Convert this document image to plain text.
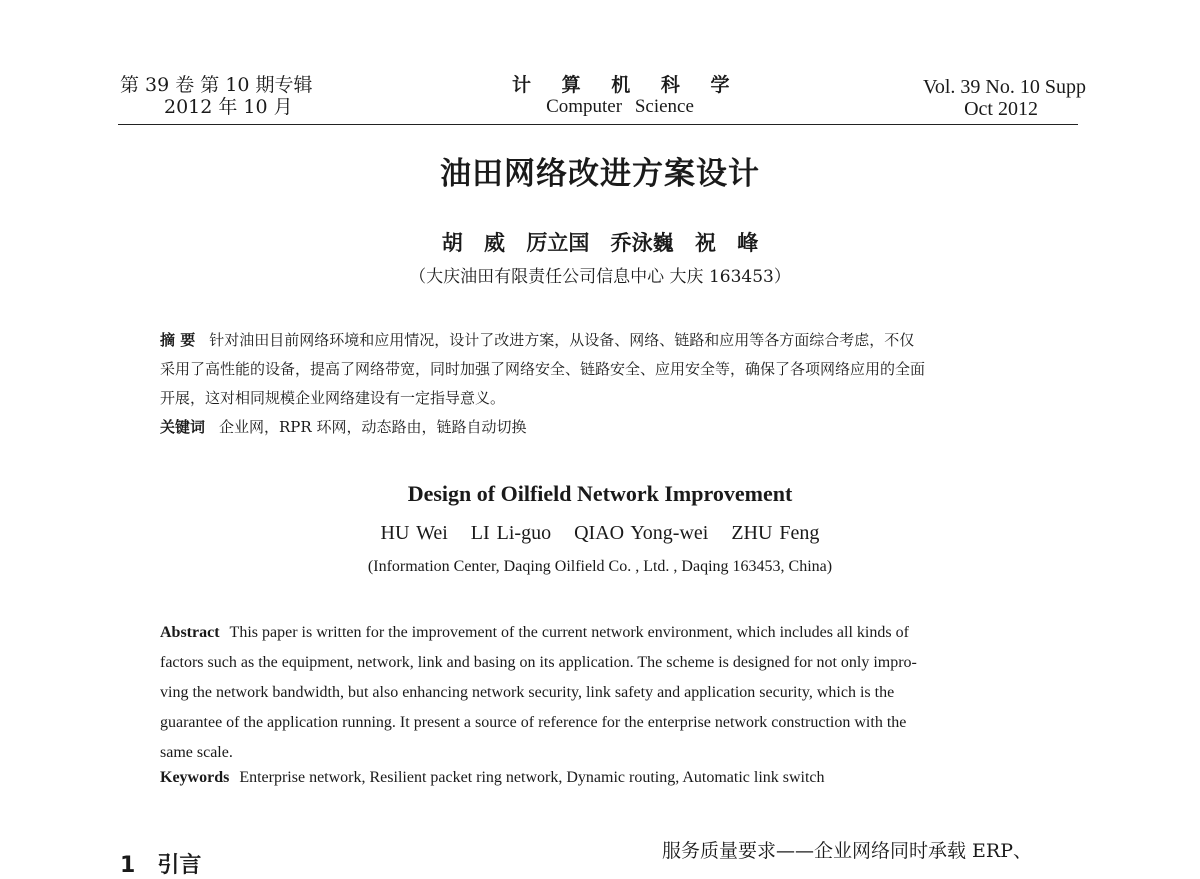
第 39 卷 第 10 期专辑
2012 年 10 月
计 算 机 科 学
Computer Science
Vol. 39 No. 10 Supp
Oct 2012
油田网络改进方案设计
胡 威 厉立国 乔泳巍 祝 峰
（大庆油田有限责任公司信息中心 大庆 163453）

摘 要 针对油田目前网络环境和应用情况，设计了改进方案，从设备、网络、链路和应用等各方面综合考虑，不仅

采用了高性能的设备，提高了网络带宽，同时加强了网络安全、链路安全、应用安全等，确保了各项网络应用的全面

开展，这对相同规模企业网络建设有一定指导意义。

关键词 企业网，RPR 环网，动态路由，链路自动切换

Design of Oilfield Network Improvement
HU Wei LI Li-guo QIAO Yong-wei ZHU Feng
(Information Center, Daqing Oilfield Co. , Ltd. , Daqing 163453, China)

Abstract This paper is written for the improvement of the current network environment, which includes all kinds of

factors such as the equipment, network, link and basing on its application. The scheme is designed for not only impro-

ving the network bandwidth, but also enhancing network security, link safety and application security, which is the

guarantee of the application running. It present a source of reference for the enterprise network construction with the

same scale.

Keywords Enterprise network, Resilient packet ring network, Dynamic routing, Automatic link switch
1 引言
服务质量要求——企业网络同时承载 ERP、
